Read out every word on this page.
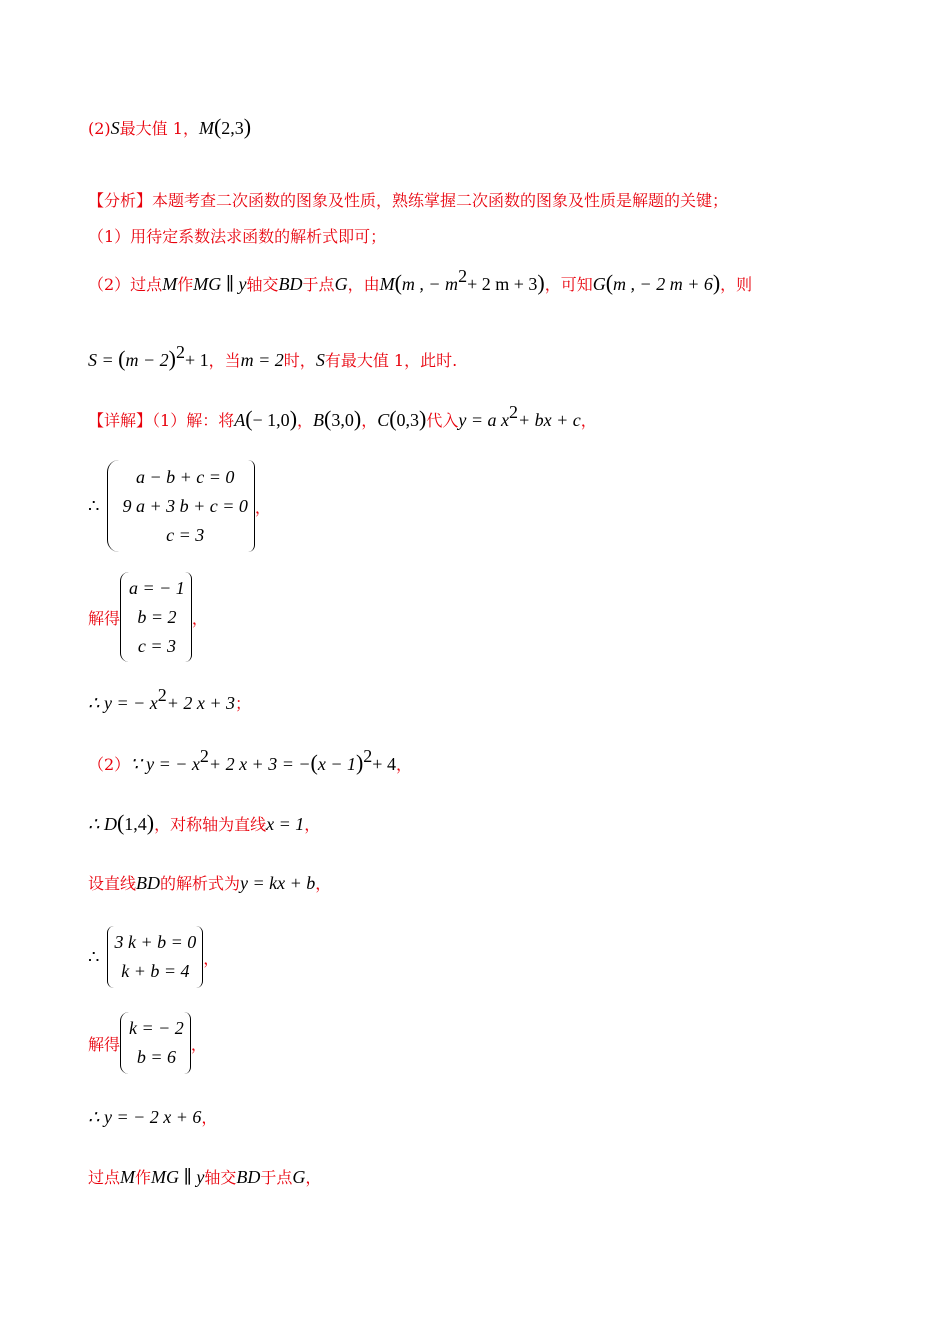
(2)S最大值 1，M(2,3)
【分析】本题考查二次函数的图象及性质，熟练掌握二次函数的图象及性质是解题的关键；
（1）用待定系数法求函数的解析式即可；
（2）过点M作MG ∥ y轴交BD于点G，由M(m , − $m^2+ 2$ m + 3)，可知G(m , − 2 m + 6)，则
$S = (m - 2)^2+ 1$，当m = 2时，S有最大值 1，此时.
【详解】（1）解：将A(− 1,0)，B(3,0)，C(0,3)代入y = a $x^2+$ bx + c，
∴
a − b + c = 0
9 a + 3 b + c = 0
c = 3
，
解得
a = − 1
b = 2
c = 3
，
∴ y = − $x^2+ 2$ x + 3；
（2）∵ y = − $x^2+ 2$ $x + 3 = -(x - 1)^2+ 4$，
∴ D(1,4)，对称轴为直线x = 1，
设直线BD的解析式为y = kx + b，
∴
3 k + b = 0
k + b = 4
，
解得
k = − 2
b = 6
，
∴ y = − 2 x + 6，
过点M作MG ∥ y轴交BD于点G，
